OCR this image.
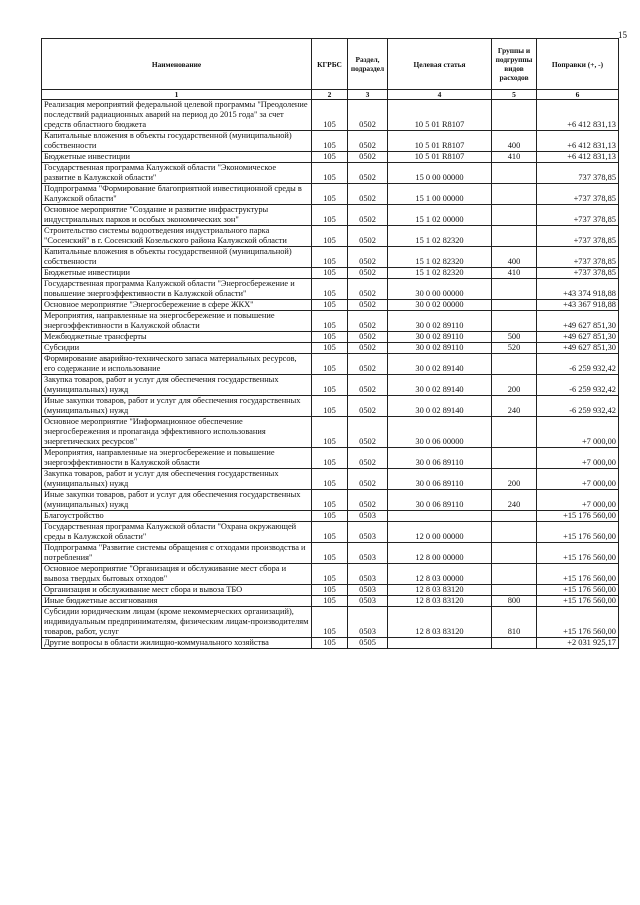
15
Наименование	КГРБС	Раздел, подраздел	Целевая статья	Группы и подгруппы видов расходов	Поправки (+, -)
1	2	3	4	5	6
Реализация мероприятий федеральной целевой программы "Преодоление последствий радиационных аварий на период до 2015 года" за счет средств областного бюджета	105	0502	10 5 01 R8107		+6 412 831,13
Капитальные вложения в объекты государственной (муниципальной) собственности	105	0502	10 5 01 R8107	400	+6 412 831,13
Бюджетные инвестиции	105	0502	10 5 01 R8107	410	+6 412 831,13
Государственная программа Калужской области "Экономическое развитие в Калужской области"	105	0502	15 0 00 00000		737 378,85
Подпрограмма "Формирование благоприятной инвестиционной среды в Калужской области"	105	0502	15 1 00 00000		+737 378,85
Основное мероприятие "Создание и развитие инфраструктуры индустриальных парков и особых экономических зон"	105	0502	15 1 02 00000		+737 378,85
Строительство системы водоотведения индустриального парка "Сосенский" в г. Сосенский Козельского района Калужской области	105	0502	15 1 02 82320		+737 378,85
Капитальные вложения в объекты государственной (муниципальной) собственности	105	0502	15 1 02 82320	400	+737 378,85
Бюджетные инвестиции	105	0502	15 1 02 82320	410	+737 378,85
Государственная программа Калужской области "Энергосбережение и повышение энергоэффективности в Калужской области"	105	0502	30 0 00 00000		+43 374 918,88
Основное мероприятие "Энергосбережение в сфере ЖКХ"	105	0502	30 0 02 00000		+43 367 918,88
Мероприятия, направленные на энергосбережение и повышение энергоэффективности в Калужской области	105	0502	30 0 02 89110		+49 627 851,30
Межбюджетные трансферты	105	0502	30 0 02 89110	500	+49 627 851,30
Субсидии	105	0502	30 0 02 89110	520	+49 627 851,30
Формирование аварийно-технического запаса материальных ресурсов, его содержание и использование	105	0502	30 0 02 89140		-6 259 932,42
Закупка товаров, работ и услуг для обеспечения государственных (муниципальных) нужд	105	0502	30 0 02 89140	200	-6 259 932,42
Иные закупки товаров, работ и услуг для обеспечения государственных (муниципальных) нужд	105	0502	30 0 02 89140	240	-6 259 932,42
Основное мероприятие "Информационное обеспечение энергосбережения и пропаганда эффективного использования энергетических ресурсов"	105	0502	30 0 06 00000		+7 000,00
Мероприятия, направленные на энергосбережение и повышение энергоэффективности в Калужской области	105	0502	30 0 06 89110		+7 000,00
Закупка товаров, работ и услуг для обеспечения государственных (муниципальных) нужд	105	0502	30 0 06 89110	200	+7 000,00
Иные закупки товаров, работ и услуг для обеспечения государственных (муниципальных) нужд	105	0502	30 0 06 89110	240	+7 000,00
Благоустройство	105	0503			+15 176 560,00
Государственная программа Калужской области "Охрана окружающей среды в Калужской области"	105	0503	12 0 00 00000		+15 176 560,00
Подпрограмма "Развитие системы обращения с отходами производства и потребления"	105	0503	12 8 00 00000		+15 176 560,00
Основное мероприятие "Организация и обслуживание мест сбора и вывоза твердых бытовых отходов"	105	0503	12 8 03 00000		+15 176 560,00
Организация и обслуживание мест сбора и вывоза ТБО	105	0503	12 8 03 83120		+15 176 560,00
Иные бюджетные ассигнования	105	0503	12 8 03 83120	800	+15 176 560,00
Субсидии юридическим лицам (кроме некоммерческих организаций), индивидуальным предпринимателям, физическим лицам-производителям товаров, работ, услуг	105	0503	12 8 03 83120	810	+15 176 560,00
Другие вопросы в области жилищно-коммунального хозяйства	105	0505			+2 031 925,17
